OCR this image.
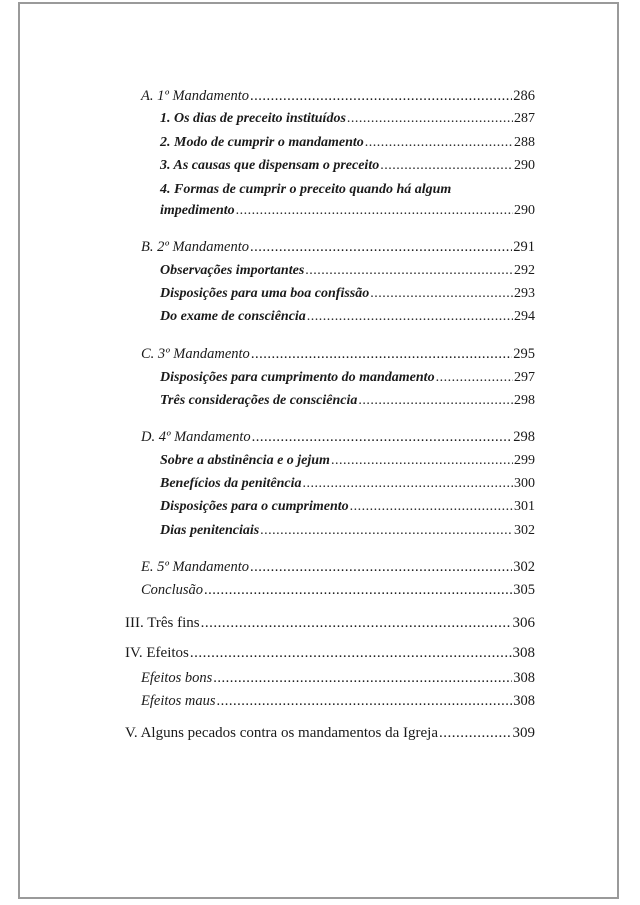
A. 1º Mandamento .....	286
1. Os dias de preceito instituídos .....	287
2. Modo de cumprir o mandamento .....	288
3. As causas que dispensam o preceito .....	290
4. Formas de cumprir o preceito quando há algum
impedimento .....	290
B. 2º Mandamento .....	291
Observações importantes .....	292
Disposições para uma boa confissão .....	293
Do exame de consciência .....	294
C. 3º Mandamento .....	295
Disposições para cumprimento do mandamento .....	297
Três considerações de consciência .....	298
D. 4º Mandamento .....	298
Sobre a abstinência e o jejum .....	299
Benefícios da penitência .....	300
Disposições para o cumprimento .....	301
Dias penitenciais .....	302
E. 5º Mandamento .....	302
Conclusão .....	305
III. Três fins .....	306
IV. Efeitos .....	308
Efeitos bons .....	308
Efeitos maus .....	308
V. Alguns pecados contra os mandamentos da Igreja .....	309
